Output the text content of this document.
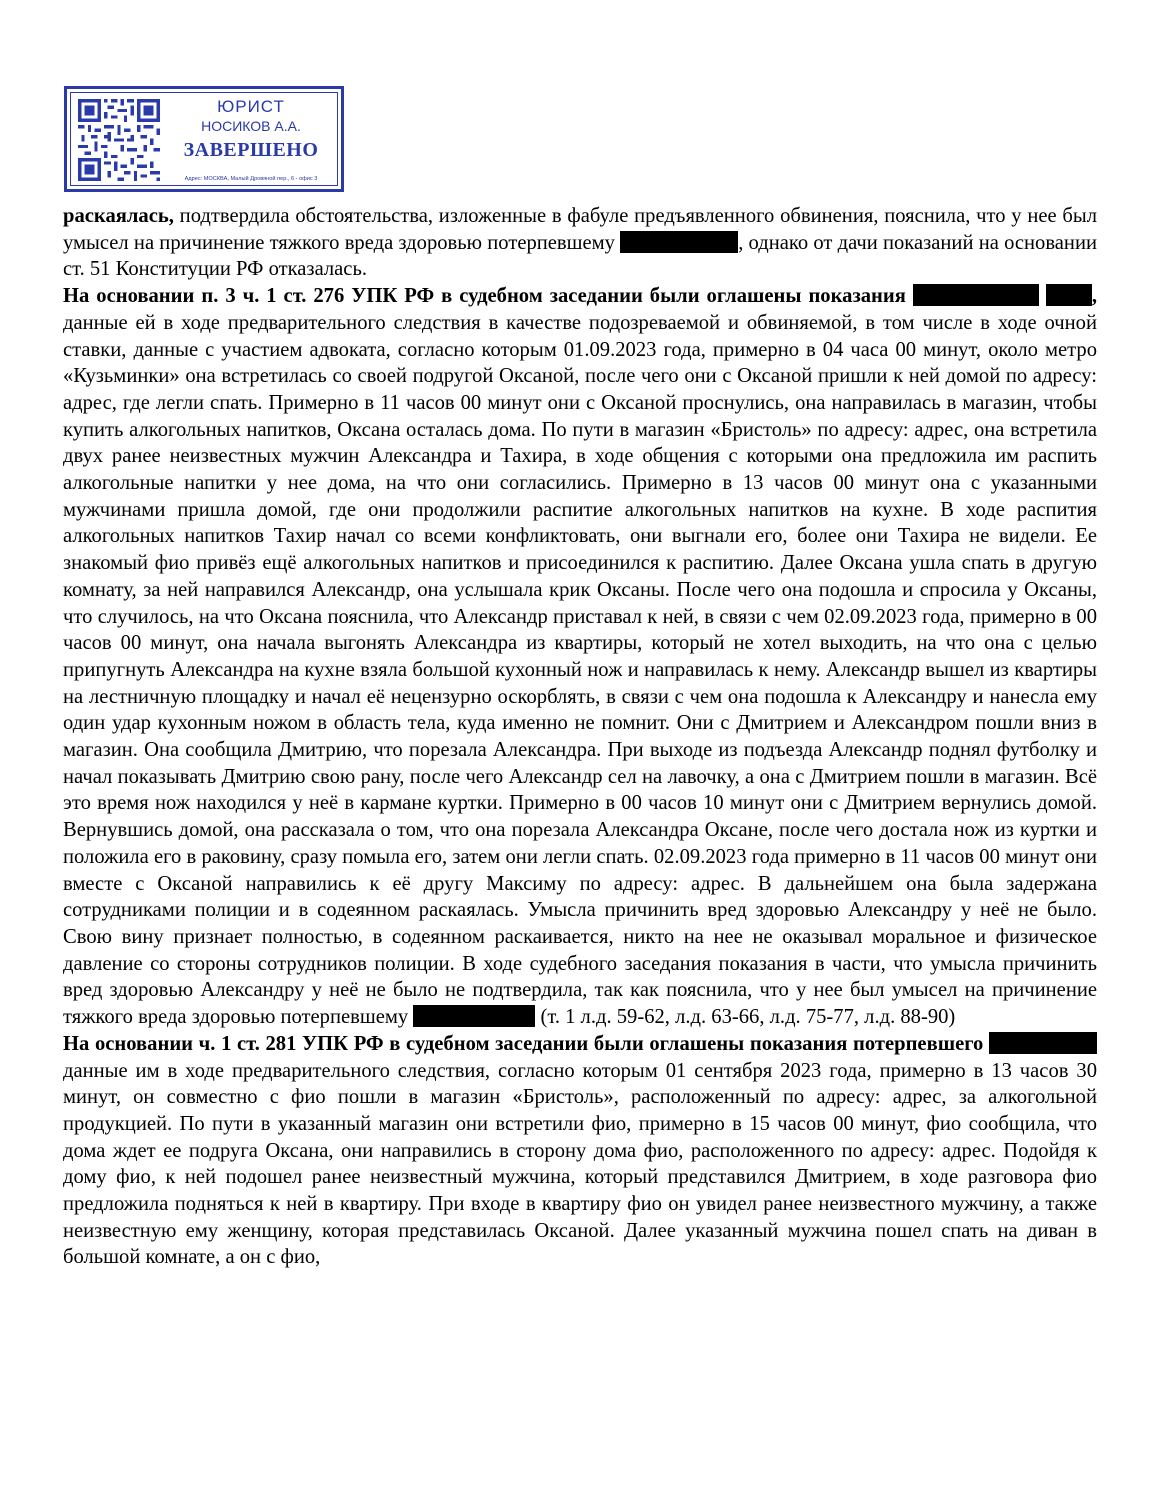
ЮРИСТ
НОСИКОВ А.А.
ЗАВЕРШЕНО
Адрес: МОСКВА, Малый Дровяной пер., 6 - офис 3

раскаялась, подтвердила обстоятельства, изложенные в фабуле предъявленного обвинения, пояснила, что у нее был умысел на причинение тяжкого вреда здоровью потерпевшему	, однако от дачи показаний на основании ст. 51 Конституции РФ отказалась.

На основании п. 3 ч. 1 ст. 276 УПК РФ в судебном заседании были оглашены показания	, данные ей в ходе предварительного следствия в качестве подозреваемой и обвиняемой, в том числе в ходе очной ставки, данные с участием адвоката, согласно которым 01.09.2023 года, примерно в 04 часа 00 минут, около метро «Кузьминки» она встретилась со своей подругой Оксаной, после чего они с Оксаной пришли к ней домой по адресу: адрес, где легли спать. Примерно в 11 часов 00 минут они с Оксаной проснулись, она направилась в магазин, чтобы купить алкогольных напитков, Оксана осталась дома. По пути в магазин «Бристоль» по адресу: адрес, она встретила двух ранее неизвестных мужчин Александра и Тахира, в ходе общения с которыми она предложила им распить алкогольные напитки у нее дома, на что они согласились. Примерно в 13 часов 00 минут она с указанными мужчинами пришла домой, где они продолжили распитие алкогольных напитков на кухне. В ходе распития алкогольных напитков Тахир начал со всеми конфликтовать, они выгнали его, более они Тахира не видели. Ее знакомый фио привёз ещё алкогольных напитков и присоединился к распитию. Далее Оксана ушла спать в другую комнату, за ней направился Александр, она услышала крик Оксаны. После чего она подошла и спросила у Оксаны, что случилось, на что Оксана пояснила, что Александр приставал к ней, в связи с чем 02.09.2023 года, примерно в 00 часов 00 минут, она начала выгонять Александра из квартиры, который не хотел выходить, на что она с целью припугнуть Александра на кухне взяла большой кухонный нож и направилась к нему. Александр вышел из квартиры на лестничную площадку и начал её нецензурно оскорблять, в связи с чем она подошла к Александру и нанесла ему один удар кухонным ножом в область тела, куда именно не помнит. Они с Дмитрием и Александром пошли вниз в магазин. Она сообщила Дмитрию, что порезала Александра. При выходе из подъезда Александр поднял футболку и начал показывать Дмитрию свою рану, после чего Александр сел на лавочку, а она с Дмитрием пошли в магазин. Всё это время нож находился у неё в кармане куртки. Примерно в 00 часов 10 минут они с Дмитрием вернулись домой. Вернувшись домой, она рассказала о том, что она порезала Александра Оксане, после чего достала нож из куртки и положила его в раковину, сразу помыла его, затем они легли спать. 02.09.2023 года примерно в 11 часов 00 минут они вместе с Оксаной направились к её другу Максиму по адресу: адрес. В дальнейшем она была задержана сотрудниками полиции и в содеянном раскаялась. Умысла причинить вред здоровью Александру у неё не было. Свою вину признает полностью, в содеянном раскаивается, никто на нее не оказывал моральное и физическое давление со стороны сотрудников полиции. В ходе судебного заседания показания в части, что умысла причинить вред здоровью Александру у неё не было не подтвердила, так как пояснила, что у нее был умысел на причинение тяжкого вреда здоровью потерпевшему	(т. 1 л.д. 59-62, л.д. 63-66, л.д. 75-77, л.д. 88-90)

На основании ч. 1 ст. 281 УПК РФ в судебном заседании были оглашены показания потерпевшего  данные им в ходе предварительного следствия, согласно которым 01 сентября 2023 года, примерно в 13 часов 30 минут, он совместно с фио пошли в магазин «Бристоль», расположенный по адресу: адрес, за алкогольной продукцией. По пути в указанный магазин они встретили фио, примерно в 15 часов 00 минут, фио сообщила, что дома ждет ее подруга Оксана, они направились в сторону дома фио, расположенного по адресу: адрес. Подойдя к дому фио, к ней подошел ранее неизвестный мужчина, который представился Дмитрием, в ходе разговора фио предложила подняться к ней в квартиру. При входе в квартиру фио он увидел ранее неизвестного мужчину, а также неизвестную ему женщину, которая представилась Оксаной. Далее указанный мужчина пошел спать на диван в большой комнате, а он с фио,
